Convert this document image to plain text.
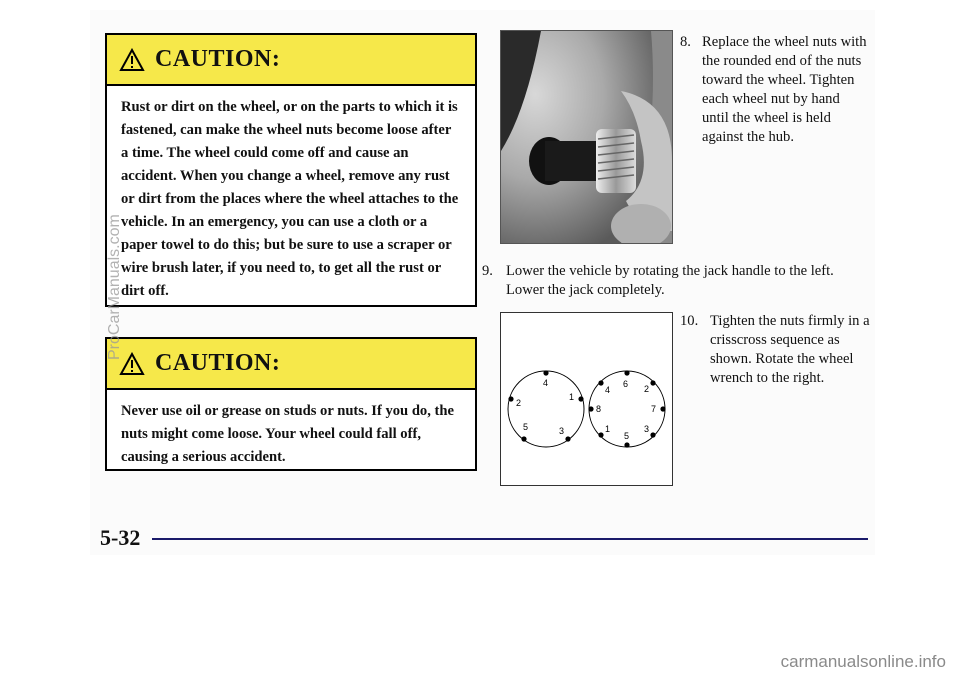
CAUTION:
Rust or dirt on the wheel, or on the parts to which it is fastened, can make the wheel nuts become loose after a time. The wheel could come off and cause an accident. When you change a wheel, remove any rust or dirt from the places where the wheel attaches to the vehicle. In an emergency, you can use a cloth or a paper towel to do this; but be sure to use a scraper or wire brush later, if you need to, to get all the rust or dirt off.
CAUTION:
Never use oil or grease on studs or nuts. If you do, the nuts might come loose. Your wheel could fall off, causing a serious accident.
8. Replace the wheel nuts with the rounded end of the nuts toward the wheel. Tighten each wheel nut by hand until the wheel is held against the hub.
9. Lower the vehicle by rotating the jack handle to the left. Lower the jack completely.
4
1
3
5
2
6 2
7
3
5
1
8
4
10. Tighten the nuts firmly in a crisscross sequence as shown. Rotate the wheel wrench to the right.
5-32
ProCarManuals.com
carmanualsonline.info
